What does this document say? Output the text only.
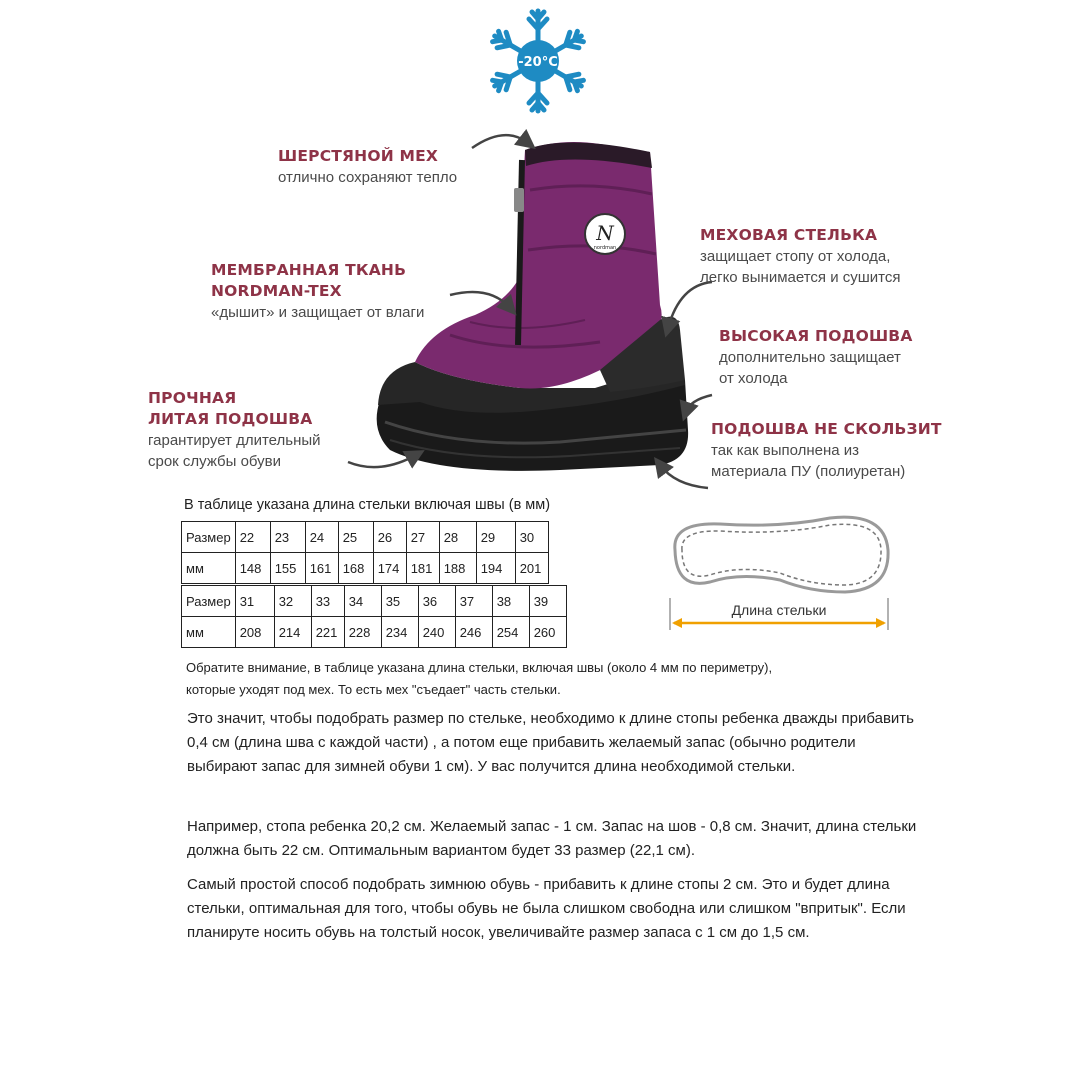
-20°C
N
nordman
ШЕРСТЯНОЙ МЕХ
отлично сохраняют тепло
МЕМБРАННАЯ ТКАНЬ
NORDMAN-TEX
«дышит» и защищает от влаги
ПРОЧНАЯ
ЛИТАЯ ПОДОШВА
гарантирует длительный
срок службы обуви
МЕХОВАЯ СТЕЛЬКА
защищает стопу от холода,
легко вынимается и сушится
ВЫСОКАЯ ПОДОШВА
дополнительно защищает
от холода
ПОДОШВА НЕ СКОЛЬЗИТ
так как выполнена из
материала ПУ (полиуретан)
В таблице указана длина стельки включая швы (в мм)
Размер	22	23	24	25	26	27	28	29	30
мм	148	155	161	168	174	181	188	194	201
Размер	31	32	33	34	35	36	37	38	39
мм	208	214	221	228	234	240	246	254	260
Длина стельки
Обратите внимание, в таблице указана длина стельки, включая швы (около 4 мм по периметру),
которые уходят под мех. То есть мех "съедает" часть стельки.
Это значит, чтобы подобрать размер по стельке, необходимо к длине стопы ребенка дважды прибавить 0,4 см (длина шва с каждой части) , а потом еще прибавить желаемый запас (обычно родители выбирают запас для зимней обуви 1 см). У вас получится длина необходимой стельки.
Например, стопа ребенка 20,2 см. Желаемый запас - 1 см. Запас на шов - 0,8 см. Значит, длина стельки должна быть 22 см. Оптимальным вариантом будет 33 размер (22,1 см).
Самый простой способ подобрать зимнюю обувь - прибавить к длине стопы 2 см. Это и будет длина стельки, оптимальная для того, чтобы обувь не была слишком свободна или слишком "впритык". Если планируте носить обувь на толстый носок, увеличивайте размер запаса с 1 см до 1,5 см.
